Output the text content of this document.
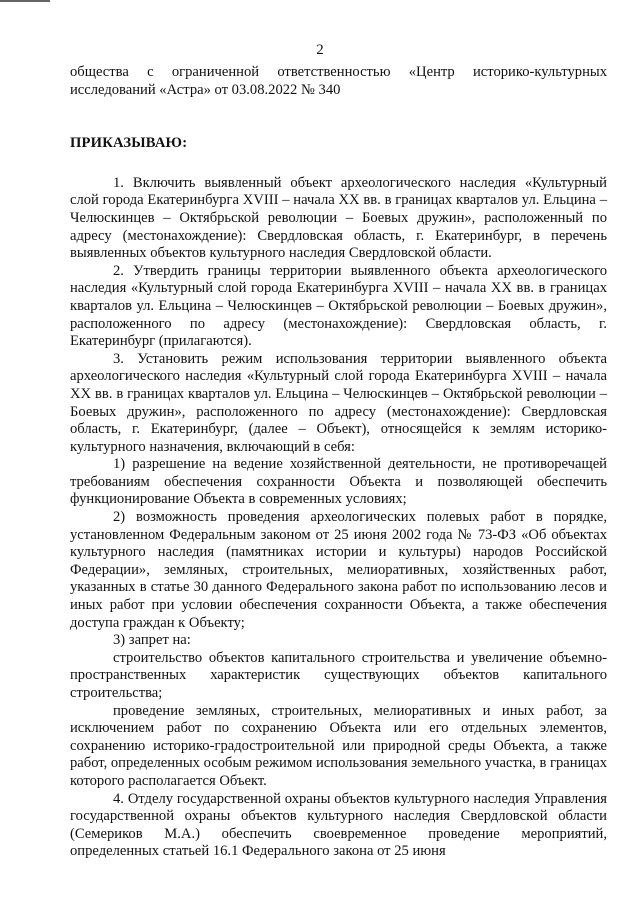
2

общества с ограниченной ответственностью «Центр историко-культурных исследований «Астра» от 03.08.2022 № 340

ПРИКАЗЫВАЮ:

1. Включить выявленный объект археологического наследия «Культурный слой города Екатеринбурга XVIII – начала XX вв. в границах кварталов ул. Ельцина – Челюскинцев – Октябрьской революции – Боевых дружин», расположенный по адресу (местонахождение): Свердловская область, г. Екатеринбург, в перечень выявленных объектов культурного наследия Свердловской области.

2. Утвердить границы территории выявленного объекта археологического наследия «Культурный слой города Екатеринбурга XVIII – начала XX вв. в границах кварталов ул. Ельцина – Челюскинцев – Октябрьской революции – Боевых дружин», расположенного по адресу (местонахождение): Свердловская область, г. Екатеринбург (прилагаются).

3. Установить режим использования территории выявленного объекта археологического наследия «Культурный слой города Екатеринбурга XVIII – начала XX вв. в границах кварталов ул. Ельцина – Челюскинцев – Октябрьской революции – Боевых дружин», расположенного по адресу (местонахождение): Свердловская область, г. Екатеринбург, (далее – Объект), относящейся к землям историко-культурного назначения, включающий в себя:

1) разрешение на ведение хозяйственной деятельности, не противоречащей требованиям обеспечения сохранности Объекта и позволяющей обеспечить функционирование Объекта в современных условиях;

2) возможность проведения археологических полевых работ в порядке, установленном Федеральным законом от 25 июня 2002 года № 73-ФЗ «Об объектах культурного наследия (памятниках истории и культуры) народов Российской Федерации», земляных, строительных, мелиоративных, хозяйственных работ, указанных в статье 30 данного Федерального закона работ по использованию лесов и иных работ при условии обеспечения сохранности Объекта, а также обеспечения доступа граждан к Объекту;

3) запрет на:

строительство объектов капитального строительства и увеличение объемно-пространственных характеристик существующих объектов капитального строительства;

проведение земляных, строительных, мелиоративных и иных работ, за исключением работ по сохранению Объекта или его отдельных элементов, сохранению историко-градостроительной или природной среды Объекта, а также работ, определенных особым режимом использования земельного участка, в границах которого располагается Объект.

4. Отделу государственной охраны объектов культурного наследия Управления государственной охраны объектов культурного наследия Свердловской области (Семериков М.А.) обеспечить своевременное проведение мероприятий, определенных статьей 16.1 Федерального закона от 25 июня
